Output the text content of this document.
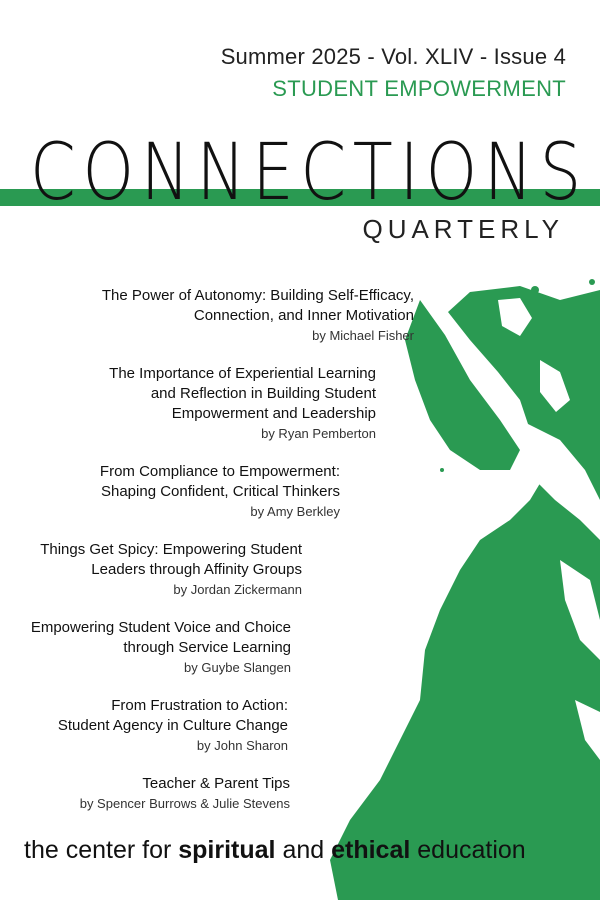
Summer 2025 - Vol. XLIV - Issue 4
STUDENT EMPOWERMENT
CONNECTIONS
QUARTERLY
The Power of Autonomy: Building Self-Efficacy,
Connection, and Inner Motivation
by Michael Fisher
The Importance of Experiential Learning
and Reflection in Building Student
Empowerment and Leadership
by Ryan Pemberton
From Compliance to Empowerment:
Shaping Confident, Critical Thinkers
by Amy Berkley
Things Get Spicy: Empowering Student
Leaders through Affinity Groups
by Jordan Zickermann
Empowering Student Voice and Choice
through Service Learning
by Guybe Slangen
From Frustration to Action:
Student Agency in Culture Change
by John Sharon
Teacher & Parent Tips
by Spencer Burrows & Julie Stevens
the center for spiritual and ethical education
